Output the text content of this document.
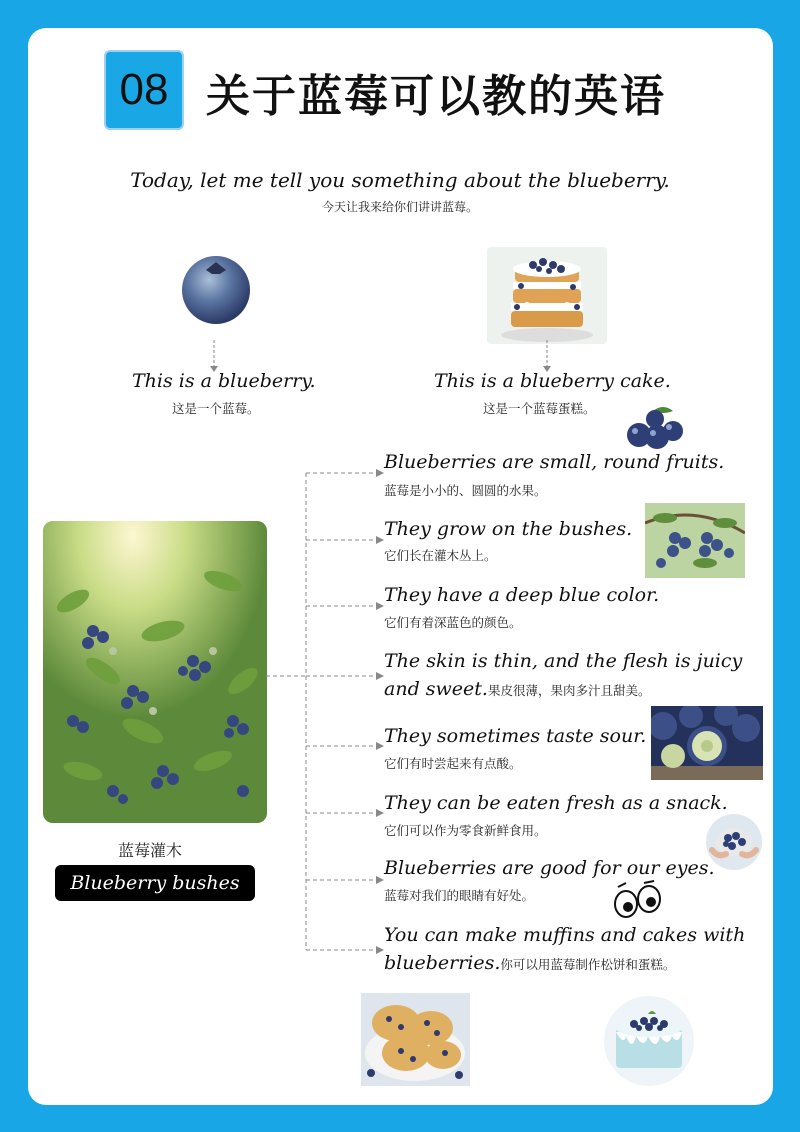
08 关于蓝莓可以教的英语
Today, let me tell you something about the blueberry.
今天让我来给你们讲讲蓝莓。
This is a blueberry.
这是一个蓝莓。
This is a blueberry cake.
这是一个蓝莓蛋糕。
蓝莓灌木
Blueberry bushes
Blueberries are small, round fruits.
蓝莓是小小的、圆圆的水果。
They grow on the bushes.
它们长在灌木丛上。
They have a deep blue color.
它们有着深蓝色的颜色。
The skin is thin, and the flesh is juicy
and sweet.果皮很薄，果肉多汁且甜美。
They sometimes taste sour.
它们有时尝起来有点酸。
They can be eaten fresh as a snack.
它们可以作为零食新鲜食用。
Blueberries are good for our eyes.
蓝莓对我们的眼睛有好处。
You can make muffins and cakes with
blueberries.你可以用蓝莓制作松饼和蛋糕。
